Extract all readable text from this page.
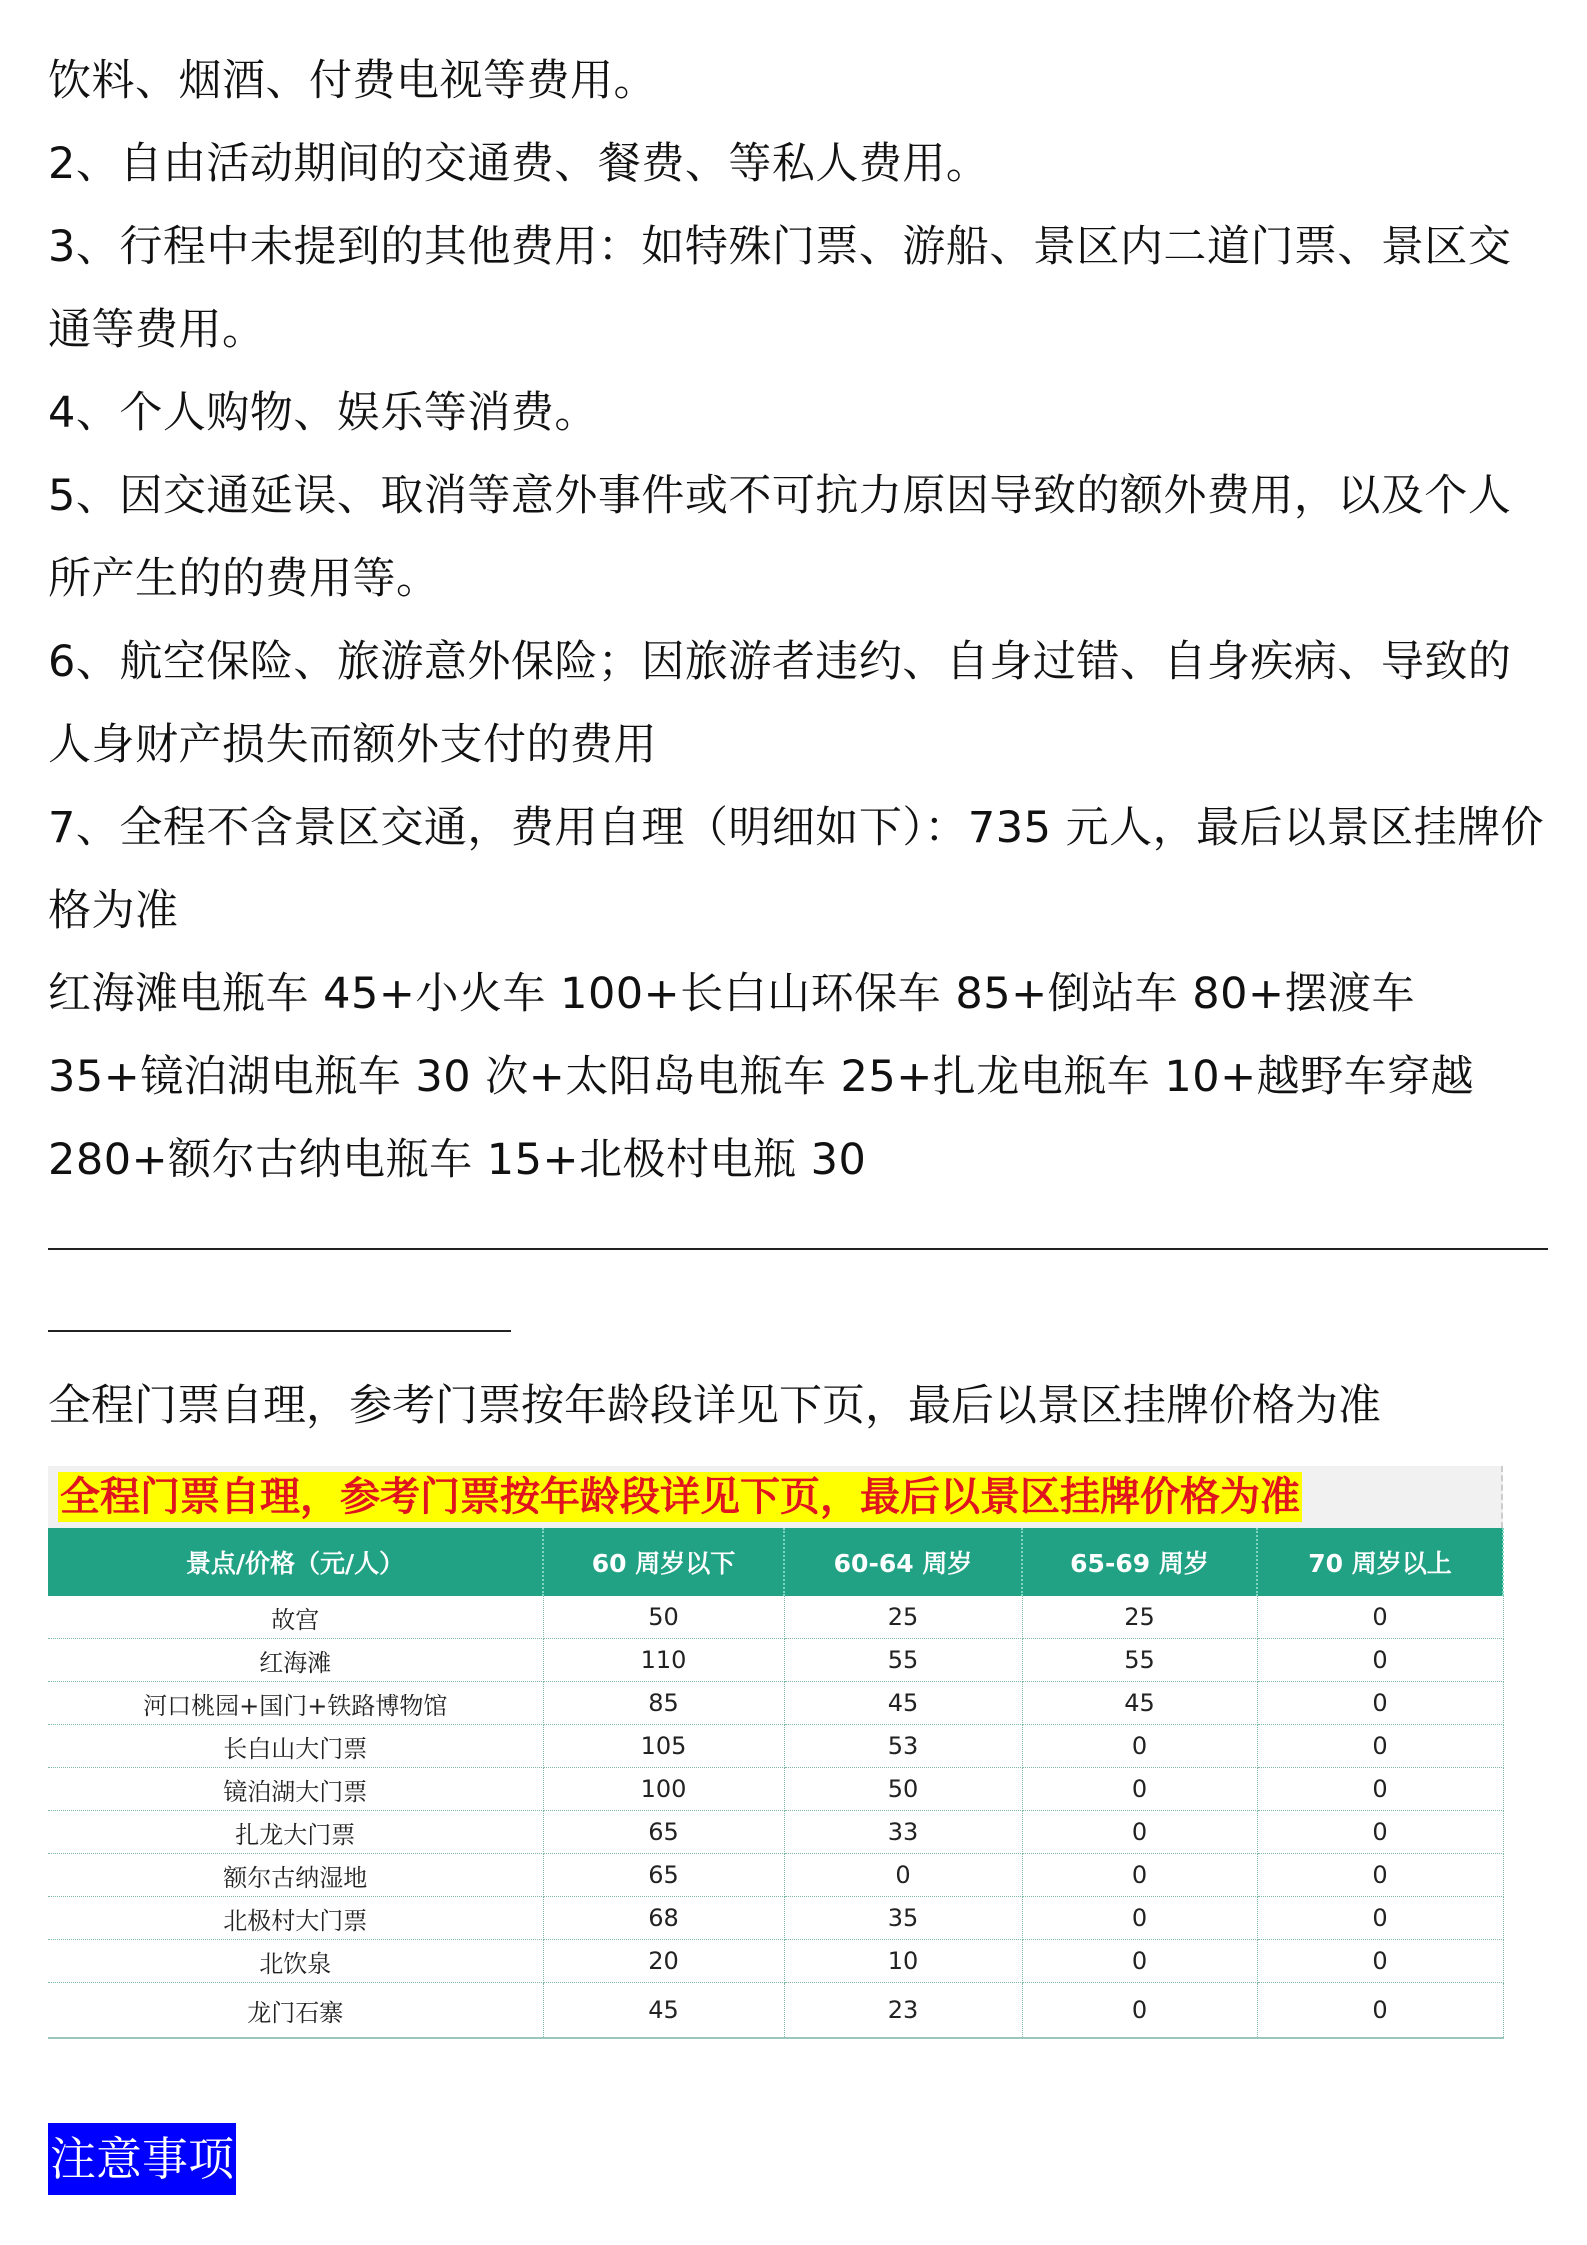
饮料、烟酒、付费电视等费用。

2、自由活动期间的交通费、餐费、等私人费用。

3、行程中未提到的其他费用：如特殊门票、游船、景区内二道门票、景区交通等费用。

4、个人购物、娱乐等消费。

5、因交通延误、取消等意外事件或不可抗力原因导致的额外费用，以及个人所产生的的费用等。

6、航空保险、旅游意外保险；因旅游者违约、自身过错、自身疾病、导致的人身财产损失而额外支付的费用

7、全程不含景区交通，费用自理（明细如下）：735 元人，最后以景区挂牌价格为准

红海滩电瓶车 45+小火车 100+长白山环保车 85+倒站车 80+摆渡车 35+镜泊湖电瓶车 30 次+太阳岛电瓶车 25+扎龙电瓶车 10+越野车穿越 280+额尔古纳电瓶车 15+北极村电瓶 30

全程门票自理，参考门票按年龄段详见下页，最后以景区挂牌价格为准

全程门票自理，参考门票按年龄段详见下页，最后以景区挂牌价格为准
景点/价格（元/人）	60 周岁以下	60-64 周岁	65-69 周岁	70 周岁以上
故宫	50	25	25	0
红海滩	110	55	55	0
河口桃园+国门+铁路博物馆	85	45	45	0
长白山大门票	105	53	0	0
镜泊湖大门票	100	50	0	0
扎龙大门票	65	33	0	0
额尔古纳湿地	65	0	0	0
北极村大门票	68	35	0	0
北饮泉	20	10	0	0
龙门石寨	45	23	0	0
注意事项
